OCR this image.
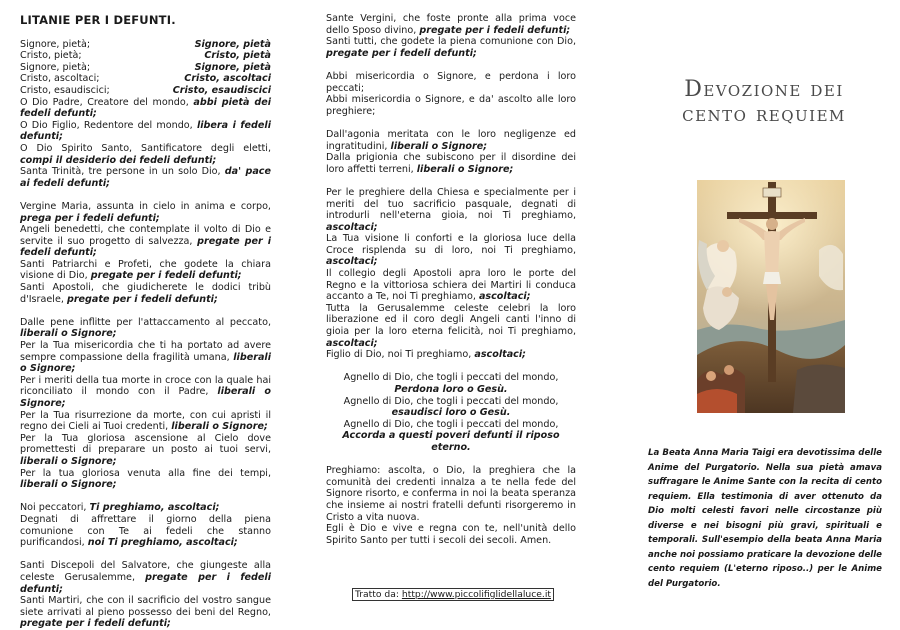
LITANIE PER I DEFUNTI.
Signore, pietà;	Signore, pietà
Cristo, pietà;	Cristo, pietà
Signore, pietà;	Signore, pietà
Cristo, ascoltaci;	Cristo, ascoltaci
Cristo, esaudiscici;	Cristo, esaudiscici

O Dio Padre, Creatore del mondo, abbi pietà dei fedeli defunti;

O Dio Figlio, Redentore del mondo, libera i fedeli defunti;

O Dio Spirito Santo, Santificatore degli eletti, compi il desiderio dei fedeli defunti;

Santa Trinità, tre persone in un solo Dio, da' pace ai fedeli defunti;

Vergine Maria, assunta in cielo in anima e corpo, prega per i fedeli defunti;

Angeli benedetti, che contemplate il volto di Dio e servite il suo progetto di salvezza, pregate per i fedeli defunti;

Santi Patriarchi e Profeti, che godete la chiara visione di Dio, pregate per i fedeli defunti;

Santi Apostoli, che giudicherete le dodici tribù d'Israele, pregate per i fedeli defunti;

Dalle pene inflitte per l'attaccamento al peccato, liberali o Signore;

Per la Tua misericordia che ti ha portato ad avere sempre compassione della fragilità umana, liberali o Signore;

Per i meriti della tua morte in croce con la quale hai riconciliato il mondo con il Padre, liberali o Signore;

Per la Tua risurrezione da morte, con cui apristi il regno dei Cieli ai Tuoi credenti, liberali o Signore;

Per la Tua gloriosa ascensione al Cielo dove promettesti di preparare un posto ai tuoi servi, liberali o Signore;

Per la tua gloriosa venuta alla fine dei tempi, liberali o Signore;

Noi peccatori, Ti preghiamo, ascoltaci;

Degnati di affrettare il giorno della piena comunione con Te ai fedeli che stanno purificandosi, noi Ti preghiamo, ascoltaci;

Santi Discepoli del Salvatore, che giungeste alla celeste Gerusalemme, pregate per i fedeli defunti;

Santi Martiri, che con il sacrificio del vostro sangue siete arrivati al pieno possesso dei beni del Regno, pregate per i fedeli defunti;

Sante Vergini, che foste pronte alla prima voce dello Sposo divino, pregate per i fedeli defunti;

Santi tutti, che godete la piena comunione con Dio, pregate per i fedeli defunti;

Abbi misericordia o Signore, e perdona i loro peccati;

Abbi misericordia o Signore, e da' ascolto alle loro preghiere;

Dall'agonia meritata con le loro negligenze ed ingratitudini, liberali o Signore;

Dalla prigionia che subiscono per il disordine dei loro affetti terreni, liberali o Signore;

Per le preghiere della Chiesa e specialmente per i meriti del tuo sacrificio pasquale, degnati di introdurli nell'eterna gioia, noi Ti preghiamo, ascoltaci;

La Tua visione li conforti e la gloriosa luce della Croce risplenda su di loro, noi Ti preghiamo, ascoltaci;

Il collegio degli Apostoli apra loro le porte del Regno e la vittoriosa schiera dei Martiri li conduca accanto a Te, noi Ti preghiamo, ascoltaci;

Tutta la Gerusalemme celeste celebri la loro liberazione ed il coro degli Angeli canti l'inno di gioia per la loro eterna felicità, noi Ti preghiamo, ascoltaci;

Figlio di Dio, noi Ti preghiamo, ascoltaci;

Agnello di Dio, che togli i peccati del mondo,
Perdona loro o Gesù.
Agnello di Dio, che togli i peccati del mondo,
esaudisci loro o Gesù.
Agnello di Dio, che togli i peccati del mondo,
Accorda a questi poveri defunti il riposo eterno.

Preghiamo: ascolta, o Dio, la preghiera che la comunità dei credenti innalza a te nella fede del Signore risorto, e conferma in noi la beata speranza che insieme ai nostri fratelli defunti risorgeremo in Cristo a vita nuova.

Egli è Dio e vive e regna con te, nell'unità dello Spirito Santo per tutti i secoli dei secoli. Amen.

Tratto da: http://www.piccolifiglidellaluce.it
Devozione dei
cento requiem
La Beata Anna Maria Taigi era devotissima delle Anime del Purgatorio. Nella sua pietà amava suffragare le Anime Sante con la recita di cento requiem. Ella testimonia di aver ottenuto da Dio molti celesti favori nelle circostanze più diverse e nei bisogni più gravi, spirituali e temporali. Sull'esempio della beata Anna Maria anche noi possiamo praticare la devozione delle cento requiem (L'eterno riposo..) per le Anime del Purgatorio.
